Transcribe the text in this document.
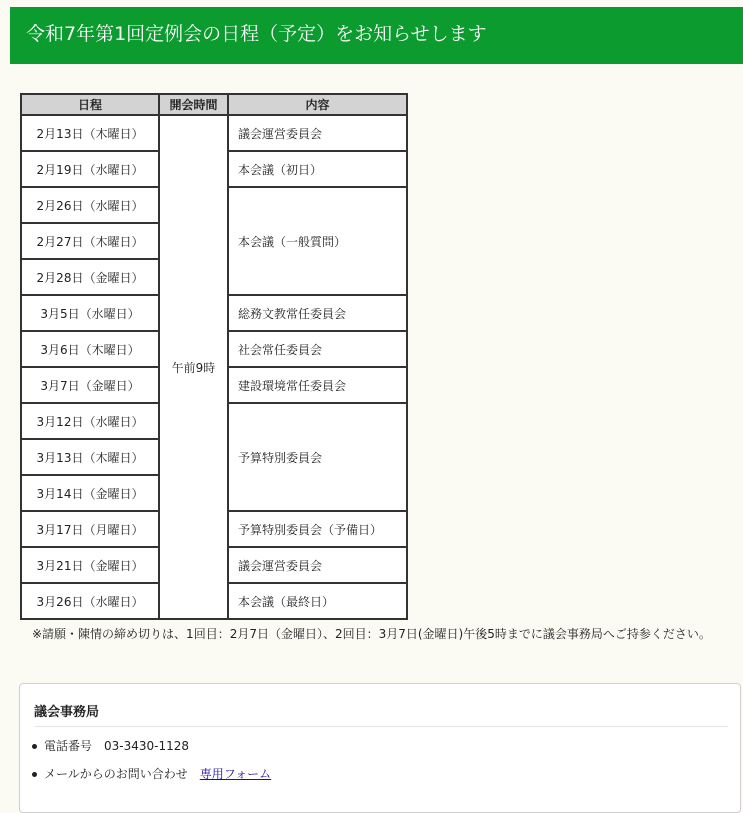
令和7年第1回定例会の日程（予定）をお知らせします
日程	開会時間	内容
2月13日（木曜日）	午前9時	議会運営委員会
2月19日（水曜日）		本会議（初日）
2月26日（水曜日）		本会議（一般質問）
2月27日（木曜日）		
2月28日（金曜日）		
3月5日（水曜日）		総務文教常任委員会
3月6日（木曜日）		社会常任委員会
3月7日（金曜日）		建設環境常任委員会
3月12日（水曜日）		予算特別委員会
3月13日（木曜日）		
3月14日（金曜日）		
3月17日（月曜日）		予算特別委員会（予備日）
3月21日（金曜日）		議会運営委員会
3月26日（水曜日）		本会議（最終日）

※請願・陳情の締め切りは、1回目：2月7日（金曜日）、2回目：3月7日(金曜日)午後5時までに議会事務局へご持参ください。

議会事務局
電話番号 03-3430-1128
メールからのお問い合わせ 専用フォーム
